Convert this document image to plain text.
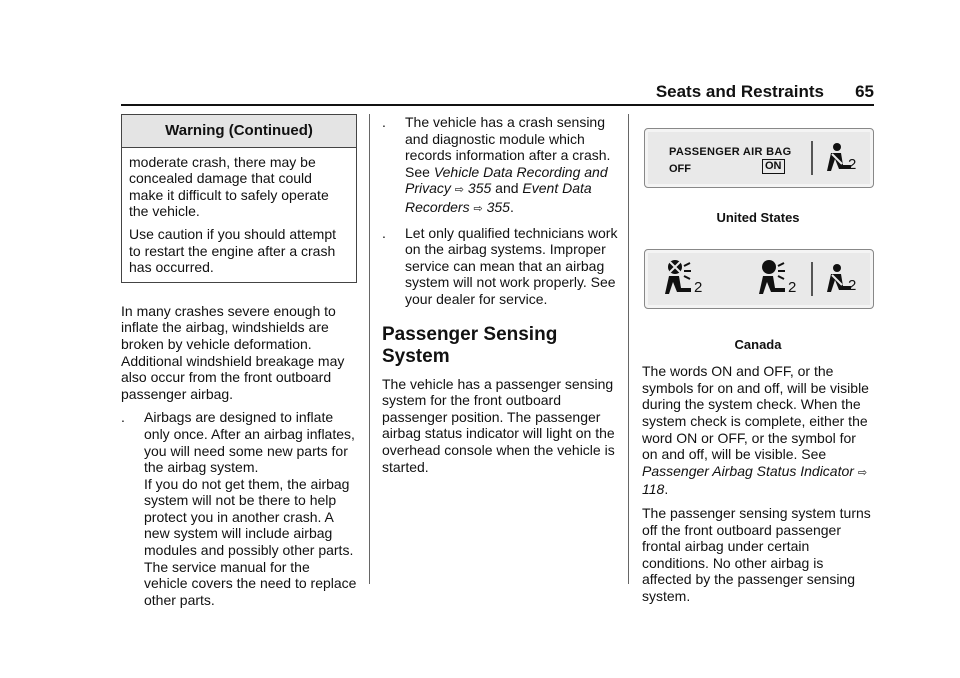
Seats and Restraints 65
Warning (Continued)

moderate crash, there may be concealed damage that could make it difficult to safely operate the vehicle.

Use caution if you should attempt to restart the engine after a crash has occurred.

In many crashes severe enough to inflate the airbag, windshields are broken by vehicle deformation. Additional windshield breakage may also occur from the front outboard passenger airbag.

.	Airbags are designed to inflate only once. After an airbag inflates, you will need some new parts for the airbag system.
If you do not get them, the airbag system will not be there to help protect you in another crash. A new system will include airbag modules and possibly other parts. The service manual for the vehicle covers the need to replace other parts.
.	The vehicle has a crash sensing and diagnostic module which records information after a crash.
See Vehicle Data Recording and Privacy ⇨ 355 and Event Data Recorders ⇨ 355.
.	Let only qualified technicians work on the airbag systems. Improper service can mean that an airbag system will not work properly. See your dealer for service.
Passenger Sensing System

The vehicle has a passenger sensing system for the front outboard passenger position. The passenger airbag status indicator will light on the overhead console when the vehicle is started.

PASSENGER AIR BAG
OFF	ON	2
United States
2	2	2
Canada

The words ON and OFF, or the symbols for on and off, will be visible during the system check. When the system check is complete, either the word ON or OFF, or the symbol for on and off, will be visible. See Passenger Airbag Status Indicator ⇨ 118.

The passenger sensing system turns off the front outboard passenger frontal airbag under certain conditions. No other airbag is affected by the passenger sensing system.
